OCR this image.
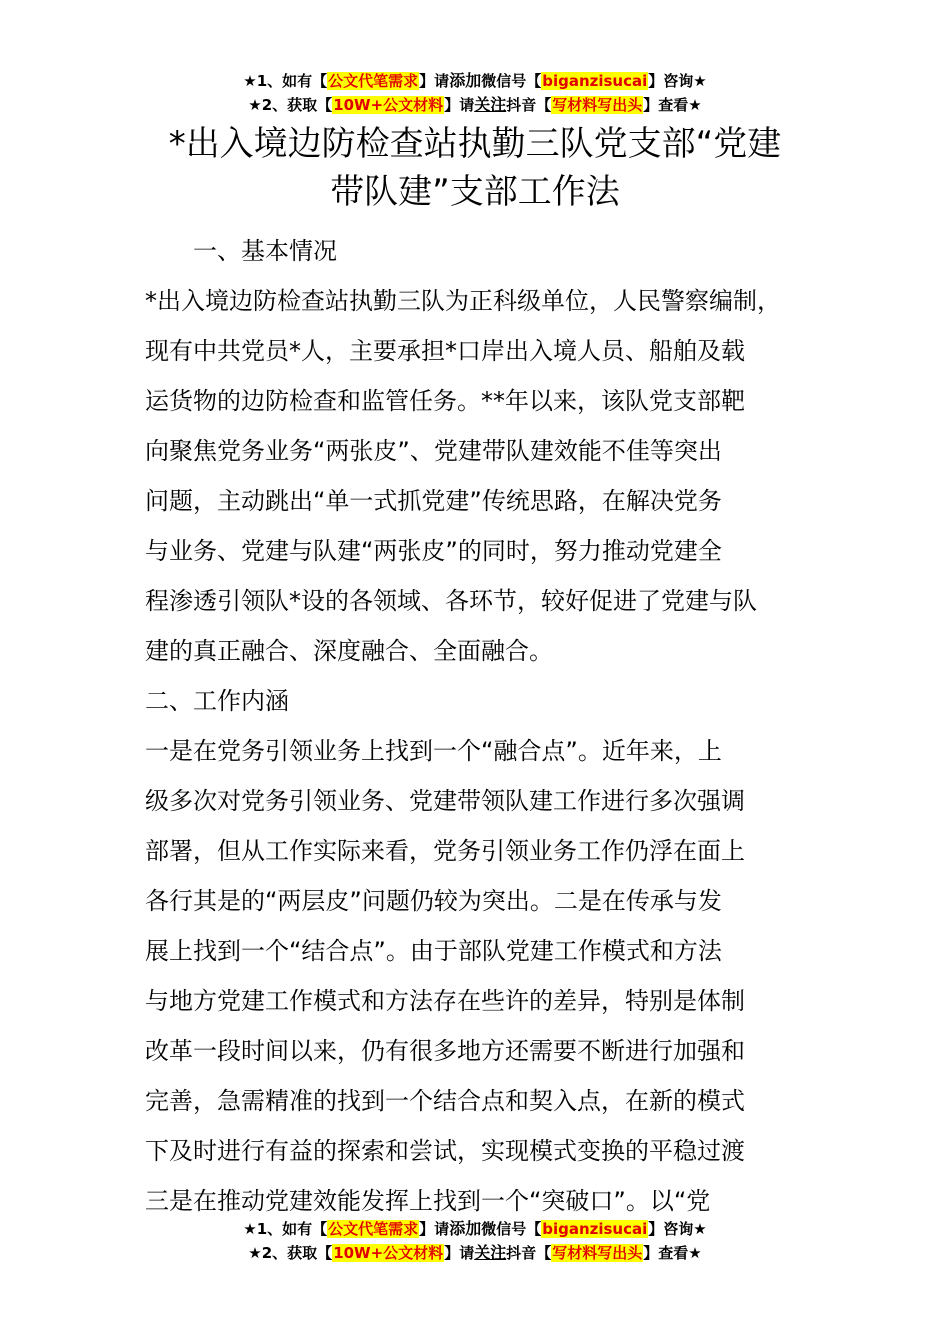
★1、如有【公文代笔需求】请添加微信号【biganzisucai】咨询★
★2、获取【10W+公文材料】请关注抖音【写材料写出头】查看★
*出入境边防检查站执勤三队党支部“党建
带队建”支部工作法

一、基本情况

*出入境边防检查站执勤三队为正科级单位，人民警察编制，

现有中共党员*人，主要承担*口岸出入境人员、船舶及载

运货物的边防检查和监管任务。**年以来，该队党支部靶

向聚焦党务业务“两张皮”、党建带队建效能不佳等突出

问题，主动跳出“单一式抓党建”传统思路，在解决党务

与业务、党建与队建“两张皮”的同时，努力推动党建全

程渗透引领队*设的各领域、各环节，较好促进了党建与队

建的真正融合、深度融合、全面融合。

二、工作内涵

一是在党务引领业务上找到一个“融合点”。近年来，上

级多次对党务引领业务、党建带领队建工作进行多次强调

部署，但从工作实际来看，党务引领业务工作仍浮在面上

各行其是的“两层皮”问题仍较为突出。二是在传承与发

展上找到一个“结合点”。由于部队党建工作模式和方法

与地方党建工作模式和方法存在些许的差异，特别是体制

改革一段时间以来，仍有很多地方还需要不断进行加强和

完善，急需精准的找到一个结合点和契入点，在新的模式

下及时进行有益的探索和尝试，实现模式变换的平稳过渡

三是在推动党建效能发挥上找到一个“突破口”。以“党

★1、如有【公文代笔需求】请添加微信号【biganzisucai】咨询★
★2、获取【10W+公文材料】请关注抖音【写材料写出头】查看★
